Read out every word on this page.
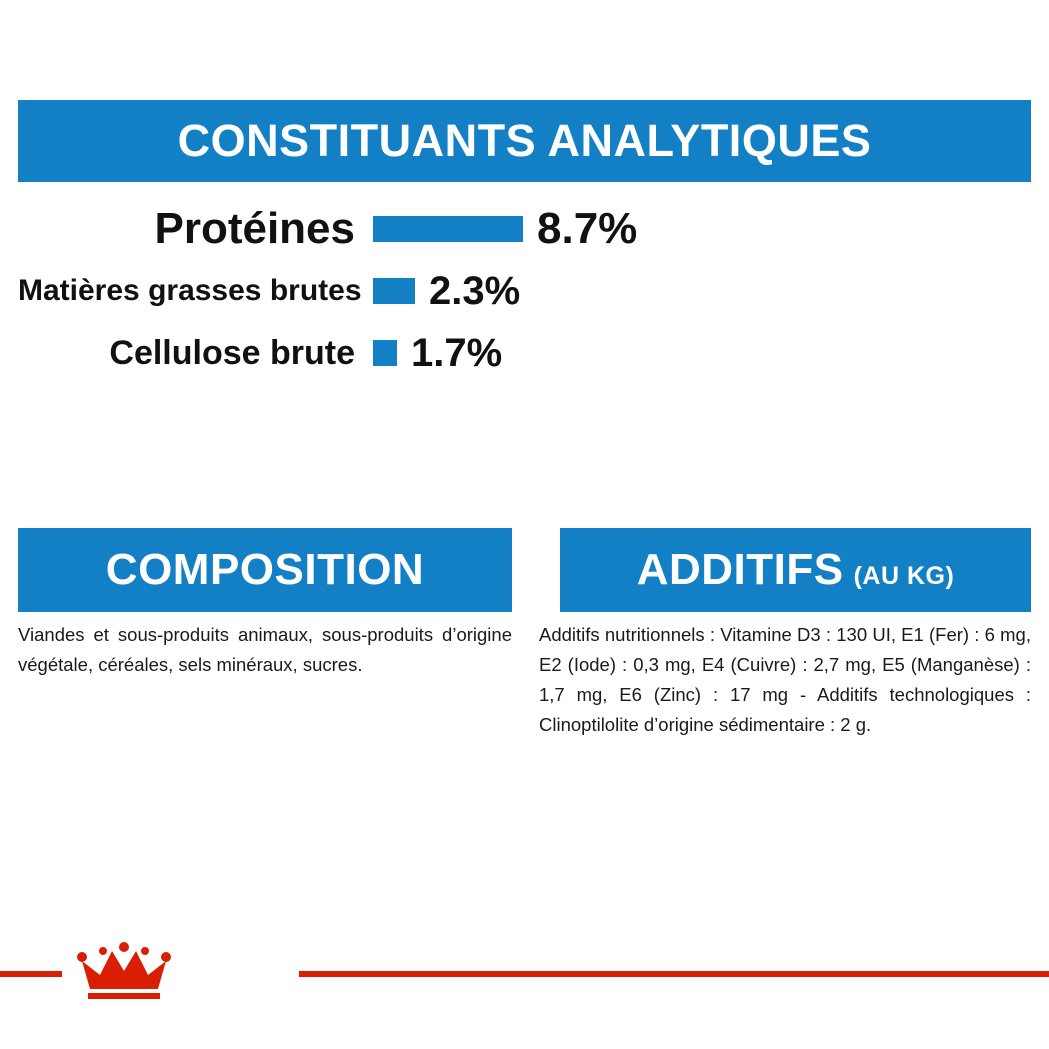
CONSTITUANTS ANALYTIQUES
Protéines	8.7%
Matières grasses brutes 2.3%
Cellulose brute	1.7%
COMPOSITION
Viandes et sous-produits animaux, sous-produits d’origine végétale, céréales, sels minéraux, sucres.
ADDITIFS (AU KG)
Additifs nutritionnels : Vitamine D3 : 130 UI, E1 (Fer) : 6 mg, E2 (Iode) : 0,3 mg, E4 (Cuivre) : 2,7 mg, E5 (Manganèse) : 1,7 mg, E6 (Zinc) : 17 mg - Additifs technologiques : Clinoptilolite d’origine sédimentaire : 2 g.
